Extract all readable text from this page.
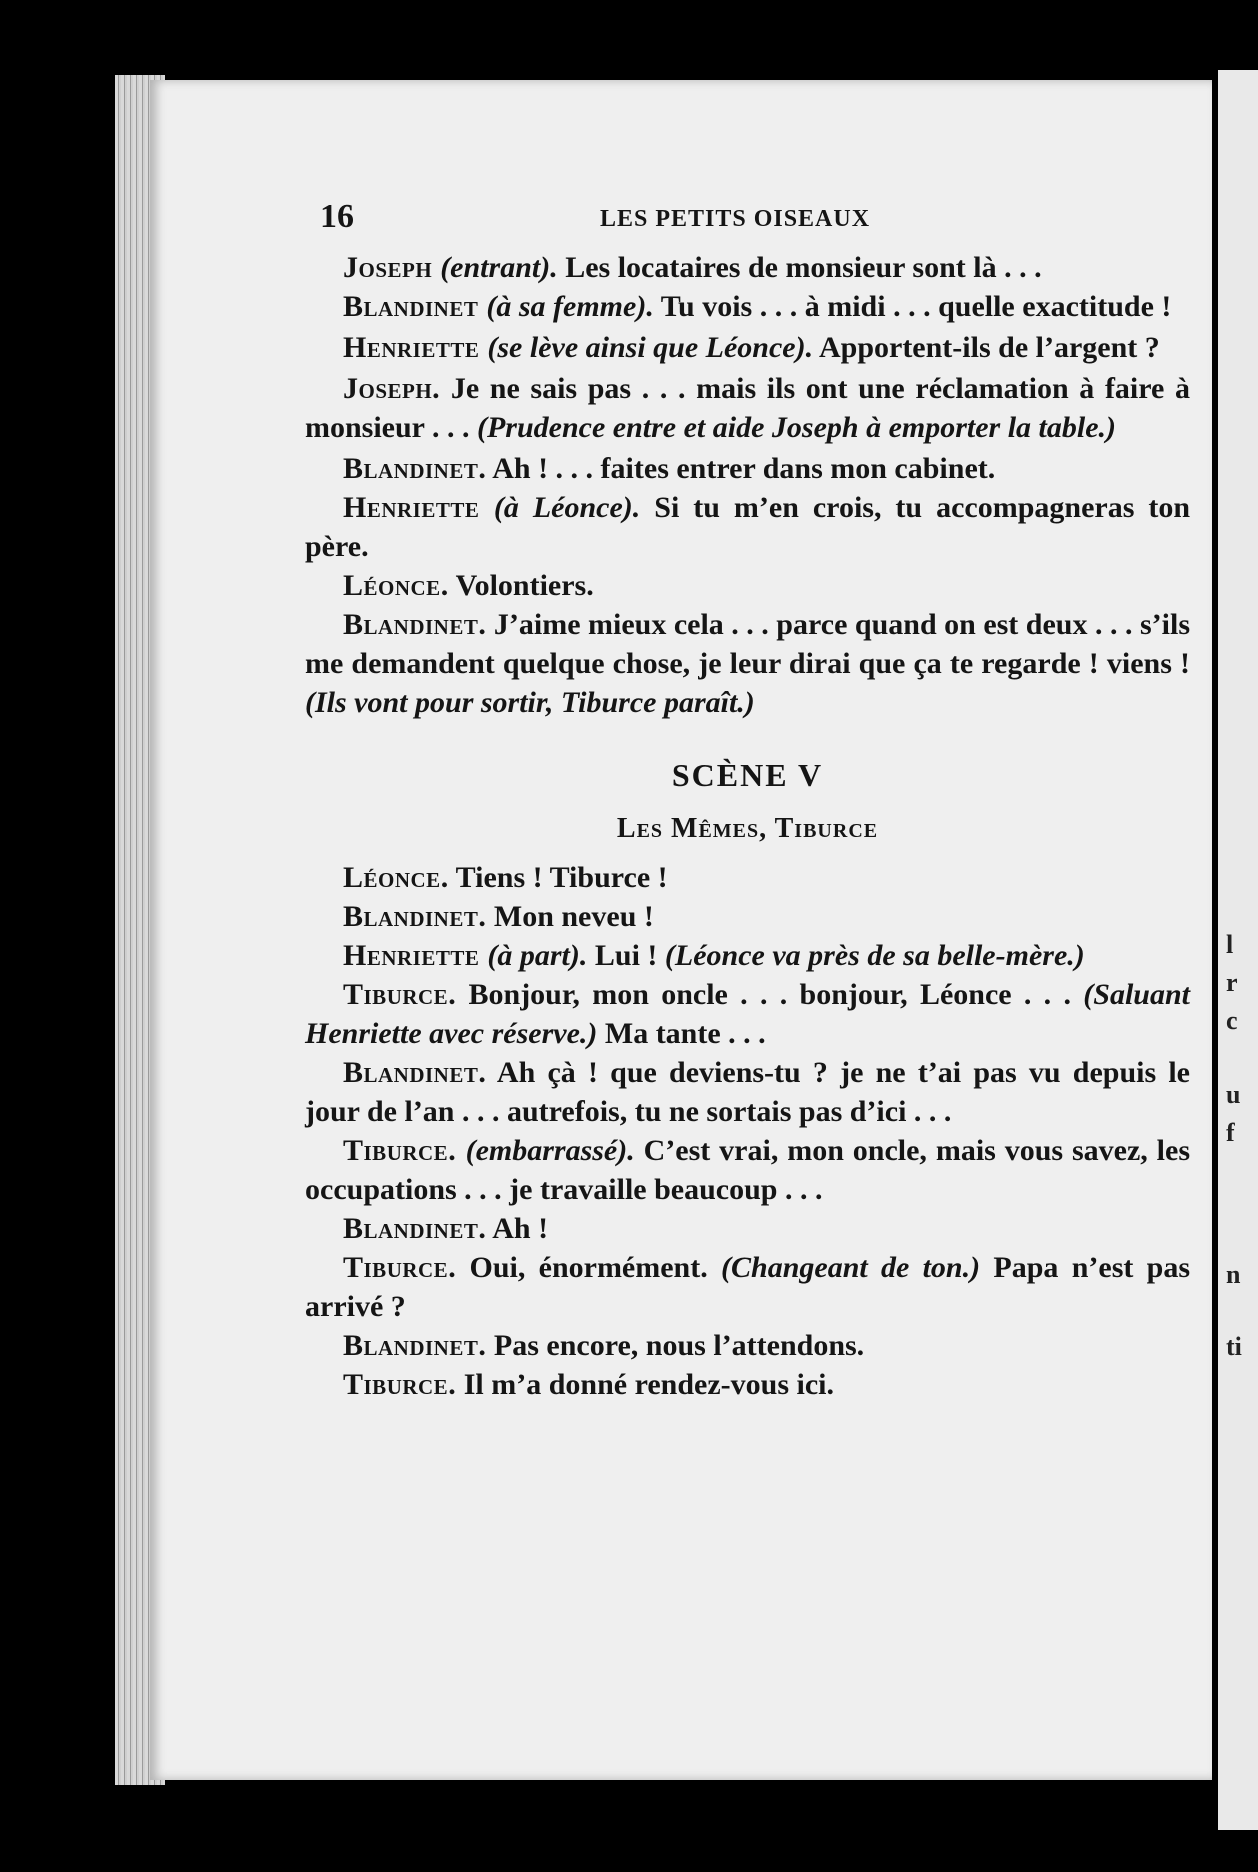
l
r
c
u
f
n
ti
16	LES PETITS OISEAUX

Joseph (entrant). Les locataires de monsieur sont là . . .

Blandinet (à sa femme). Tu vois . . . à midi . . . quelle exactitude !

Henriette (se lève ainsi que Léonce). Apportent-ils de l’argent ?

Joseph. Je ne sais pas . . . mais ils ont une réclamation à faire à monsieur . . . (Prudence entre et aide Joseph à emporter la table.)

Blandinet. Ah ! . . . faites entrer dans mon cabinet.

Henriette (à Léonce). Si tu m’en crois, tu accompagneras ton père.

Léonce. Volontiers.

Blandinet. J’aime mieux cela . . . parce quand on est deux . . . s’ils me demandent quelque chose, je leur dirai que ça te regarde ! viens ! (Ils vont pour sortir, Tiburce paraît.)

SCÈNE V
Les Mêmes, Tiburce

Léonce. Tiens ! Tiburce !

Blandinet. Mon neveu !

Henriette (à part). Lui ! (Léonce va près de sa belle-mère.)

Tiburce. Bonjour, mon oncle . . . bonjour, Léonce . . . (Saluant Henriette avec réserve.) Ma tante . . .

Blandinet. Ah çà ! que deviens-tu ? je ne t’ai pas vu depuis le jour de l’an . . . autrefois, tu ne sortais pas d’ici . . .

Tiburce. (embarrassé). C’est vrai, mon oncle, mais vous savez, les occupations . . . je travaille beaucoup . . .

Blandinet. Ah !

Tiburce. Oui, énormément. (Changeant de ton.) Papa n’est pas arrivé ?

Blandinet. Pas encore, nous l’attendons.

Tiburce. Il m’a donné rendez-vous ici.
